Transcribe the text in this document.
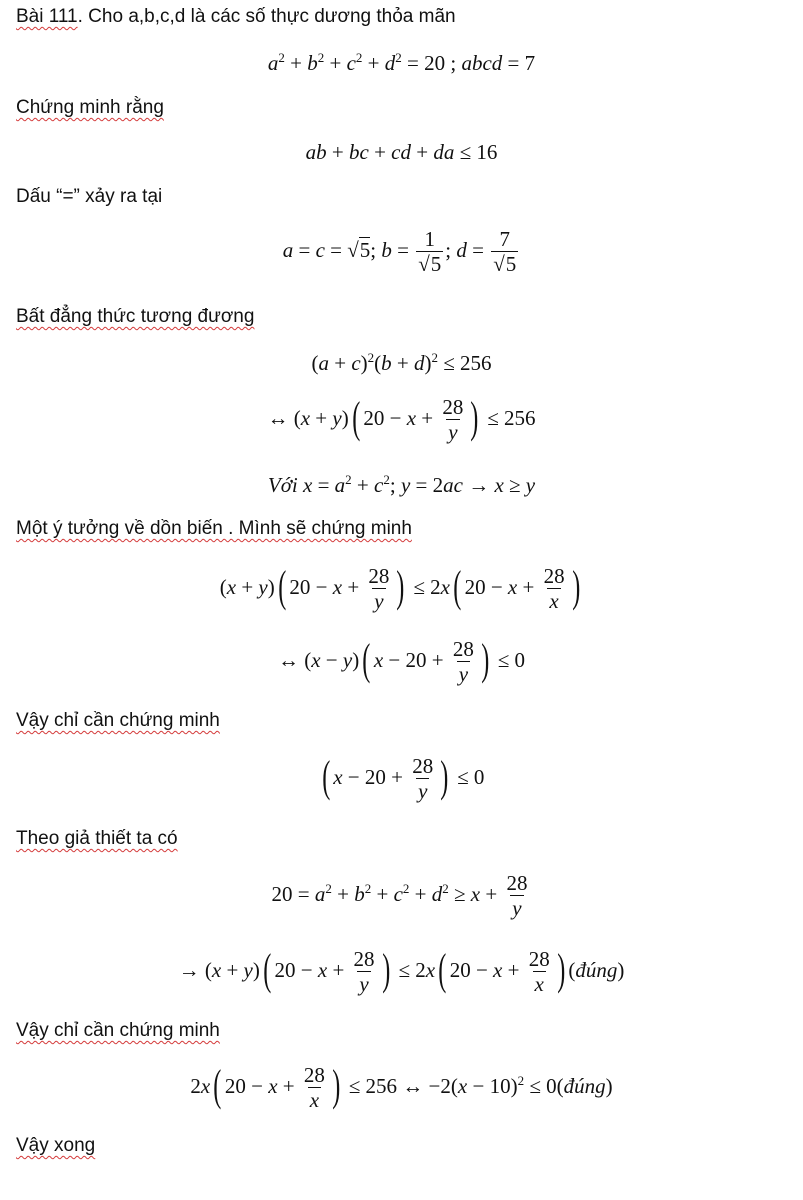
Bài 111. Cho a,b,c,d là các số thực dương thỏa mãn
$a^2 + b^2 + c^2 + d^2 = 20$ ; abcd = 7
Chứng minh rằng
ab + bc + cd + da ≤ 16
Dấu “=” xảy ra tại
a = c = √5; $b = \frac{1}{√5}$ ; $d = \frac{7}{√5}$
Bất đẳng thức tương đương
$(a + c)^2(b + d)^2 \le 256$
↔ (x + y)( $20 - x + \frac{28}{y}$ ) ≤ 256
Với $x = a^2 + c^2$; y = 2ac → x ≥ y
Một ý tưởng về dồn biến . Mình sẽ chứng minh
(x + y)( $20 - x + \frac{28}{y}$ ) ≤ 2x( $20 - x + \frac{28}{x}$ )
↔ (x − y)( $x - 20 + \frac{28}{y}$ ) ≤ 0
Vậy chỉ cần chứng minh
( $x - 20 + \frac{28}{y}$ ) ≤ 0
Theo giả thiết ta có
$20 = a^2 + b^2 + c^2 + d^2 \ge x + \frac{28}{y}$
→ (x + y)( $20 - x + \frac{28}{y}$ ) ≤ 2x( $20 - x + \frac{28}{x}$ ) (đúng)
Vậy chỉ cần chứng minh
2x( $20 - x + \frac{28}{x}$ ) ≤ 256 ↔ $-2(x - 10)^2$ ≤ 0(đúng)
Vậy xong
